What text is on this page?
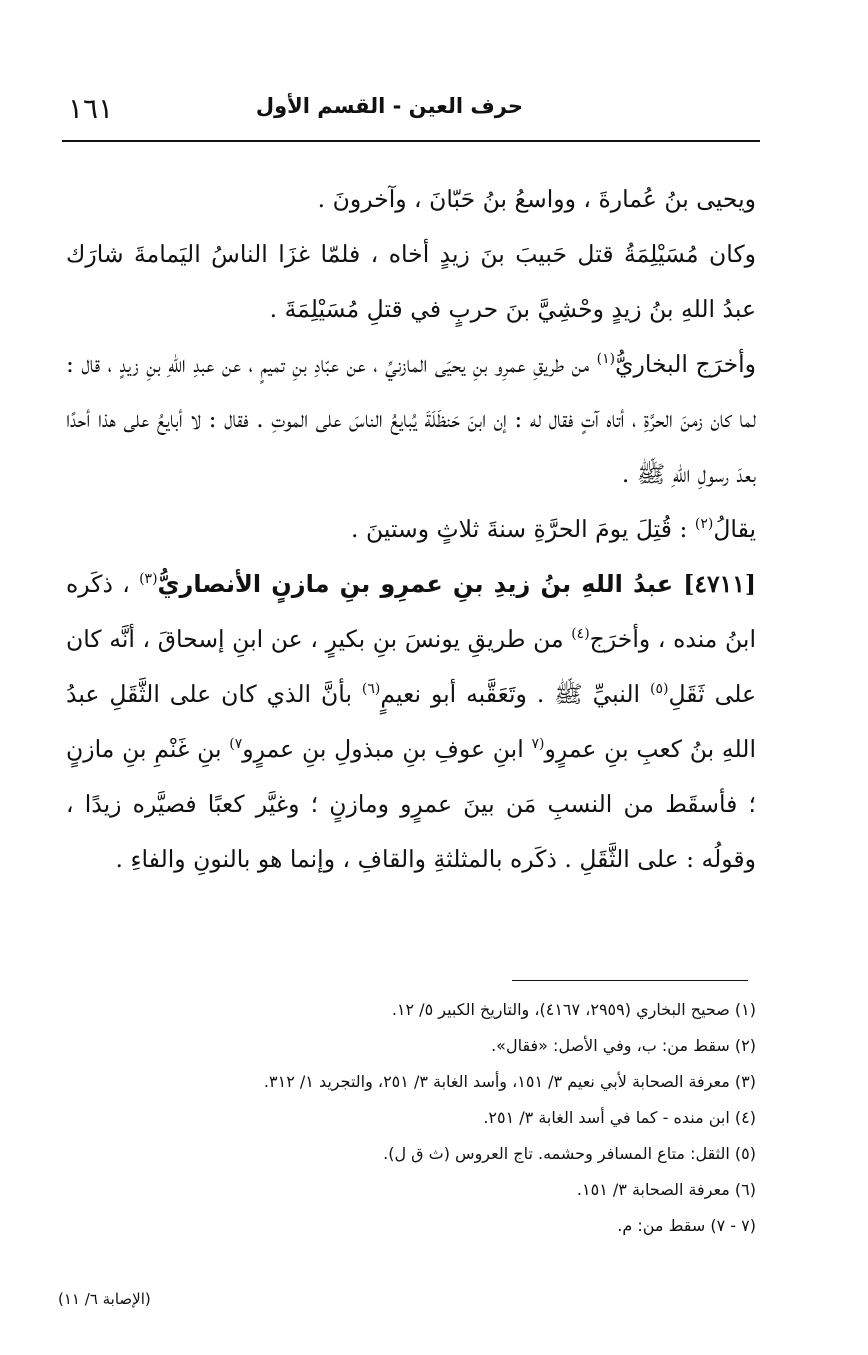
١٦١	حرف العين - القسم الأول

ويحيى بنُ عُمارةَ ، وواسعُ بنُ حَبّانَ ، وآخرونَ .

وكان مُسَيْلِمَةُ قتل حَبيبَ بنَ زيدٍ أخاه ، فلمّا غزَا الناسُ اليَمامةَ شارَك عبدُ اللهِ بنُ زيدٍ وحْشِيَّ بنَ حربٍ في قتلِ مُسَيْلِمَةَ .

وأخرَج البخاريُّ$^{(١)}$ من طريقِ عمرِو بنِ يحيَى المازنيِّ ، عن عبّادِ بنِ تميمٍ ، عن عبدِ اللهِ بنِ زيدٍ ، قال : لما كان زمنَ الحرَّةِ ، أتاه آتٍ فقال له : إن ابنَ حَنظَلَةَ يُبايعُ الناسَ على الموتِ . فقال : لا أبايعُ على هذا أحدًا بعدَ رسولِ اللهِ ﷺ .

يقالُ$^{(٢)}$ : قُتِلَ يومَ الحرَّةِ سنةَ ثلاثٍ وستينَ .

[٤٧١١] عبدُ اللهِ بنُ زيدِ بنِ عمرِو بنِ مازنٍ الأنصاريُّ$^{(٣)}$ ، ذكَره ابنُ منده ، وأخرَج$^{(٤)}$ من طريقِ يونسَ بنِ بكيرٍ ، عن ابنِ إسحاقَ ، أنَّه كان على ثَقَلِ$^{(٥)}$ النبيِّ ﷺ . وتَعَقَّبه أبو نعيمٍ$^{(٦)}$ بأنَّ الذي كان على الثَّقَلِ عبدُ اللهِ بنُ كعبِ بنِ عمرٍو$^{(٧}$ ابنِ عوفِ بنِ مبذولِ بنِ عمرٍو$^{٧)}$ بنِ غَنْمِ بنِ مازنٍ ؛ فأسقَط من النسبِ مَن بينَ عمرٍو ومازنٍ ؛ وغيَّر كعبًا فصيَّره زيدًا ، وقولُه : على الثَّقَلِ . ذكَره بالمثلثةِ والقافِ ، وإنما هو بالنونِ والفاءِ .

(١) صحيح البخاري (٢٩٥٩، ٤١٦٧)، والتاريخ الكبير ٥/ ١٢.

(٢) سقط من: ب، وفي الأصل: «فقال».

(٣) معرفة الصحابة لأبي نعيم ٣/ ١٥١، وأسد الغابة ٣/ ٢٥١، والتجريد ١/ ٣١٢.

(٤) ابن منده - كما في أسد الغابة ٣/ ٢٥١.

(٥) الثقل: متاع المسافر وحشمه. تاج العروس (ث ق ل).

(٦) معرفة الصحابة ٣/ ١٥١.

(٧ - ٧) سقط من: م.

(الإصابة ٦/ ١١)
